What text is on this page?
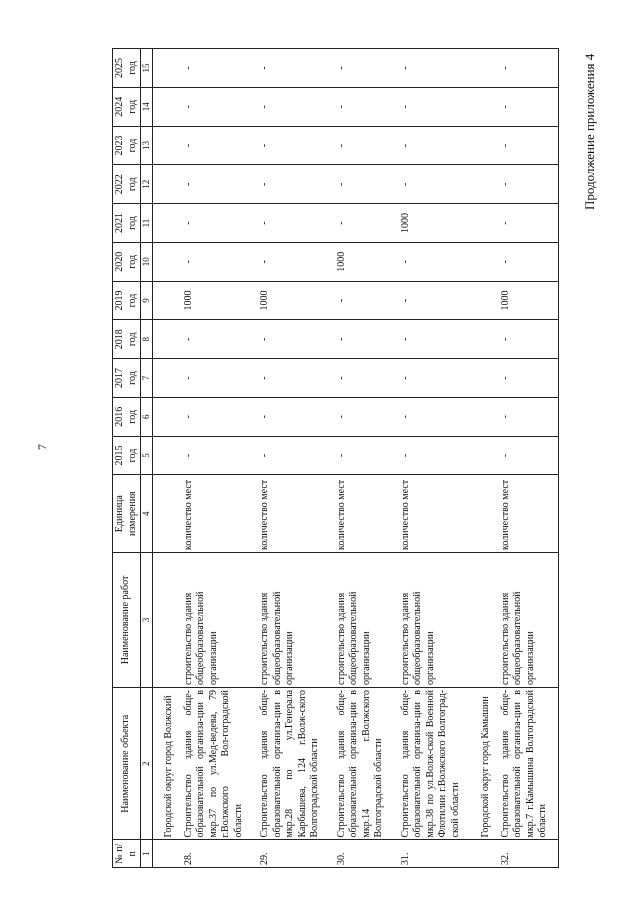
7
Продолжение приложения 4
№ п/п	Наименование объекта	Наименование работ	Единица измерения	2015 год	2016 год	2017 год	2018 год	2019 год	2020 год	2021 год	2022 год	2023 год	2024 год	2025 год
1	2	3	4	5	6	7	8	9	10	11	12	13	14	15
	Городской округ город Волжский													
28.	Строительство здания обще-образовательной организа-ции в мкр.37 по ул.Мед-ведева, 79 г.Волжского Вол-гоградской области	строительство здания общеобразовательной организации	количество мест	-	-	-	-	1000	-	-	-	-	-	-
29.	Строительство здания обще-образовательной организа-ции в мкр.28 по ул.Генерала Карбышева, 124 г.Волж-ского Волгоградской области	строительство здания общеобразовательной организации	количество мест	-	-	-	-	1000	-	-	-	-	-	-
30.	Строительство здания обще-образовательной организа-ции в мкр.14 г.Волжского Волгоградской области	строительство здания общеобразовательной организации	количество мест	-	-	-	-	-	1000	-	-	-	-	-
31.	Строительство здания обще-образовательной организа-ции в мкр.38 по ул.Волж-ской Военной Флотилии г.Волжского Волгоград-ской области	строительство здания общеобразовательной организации	количество мест	-	-	-	-	-	-	1000	-	-	-	-
	Городской округ город Камышин													
32.	Строительство здания обще-образовательной организа-ции в мкр.7 г.Камышина Волгоградской области	строительство здания общеобразовательной организации	количество мест	-	-	-	-	1000	-	-	-	-	-	-
